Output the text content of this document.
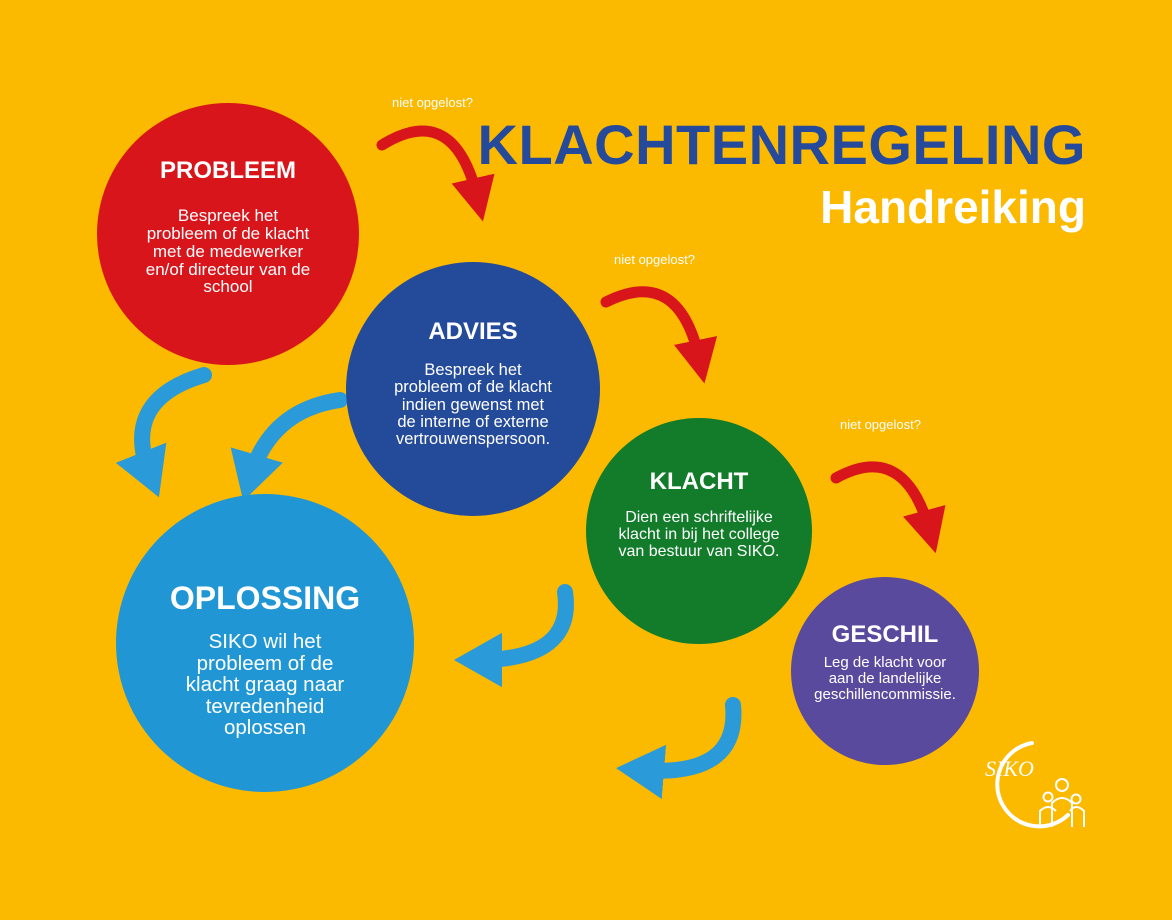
KLACHTENREGELING
Handreiking
niet opgelost?
niet opgelost?
niet opgelost?
PROBLEEM
Bespreek het
probleem of de klacht
met de medewerker
en/of directeur van de
school
ADVIES
Bespreek het
probleem of de klacht
indien gewenst met
de interne of externe
vertrouwenspersoon.
KLACHT
Dien een schriftelijke
klacht in bij het college
van bestuur van SIKO.
GESCHIL
Leg de klacht voor
aan de landelijke
geschillencommissie.
OPLOSSING
SIKO wil het
probleem of de
klacht graag naar
tevredenheid
oplossen
SIKO
